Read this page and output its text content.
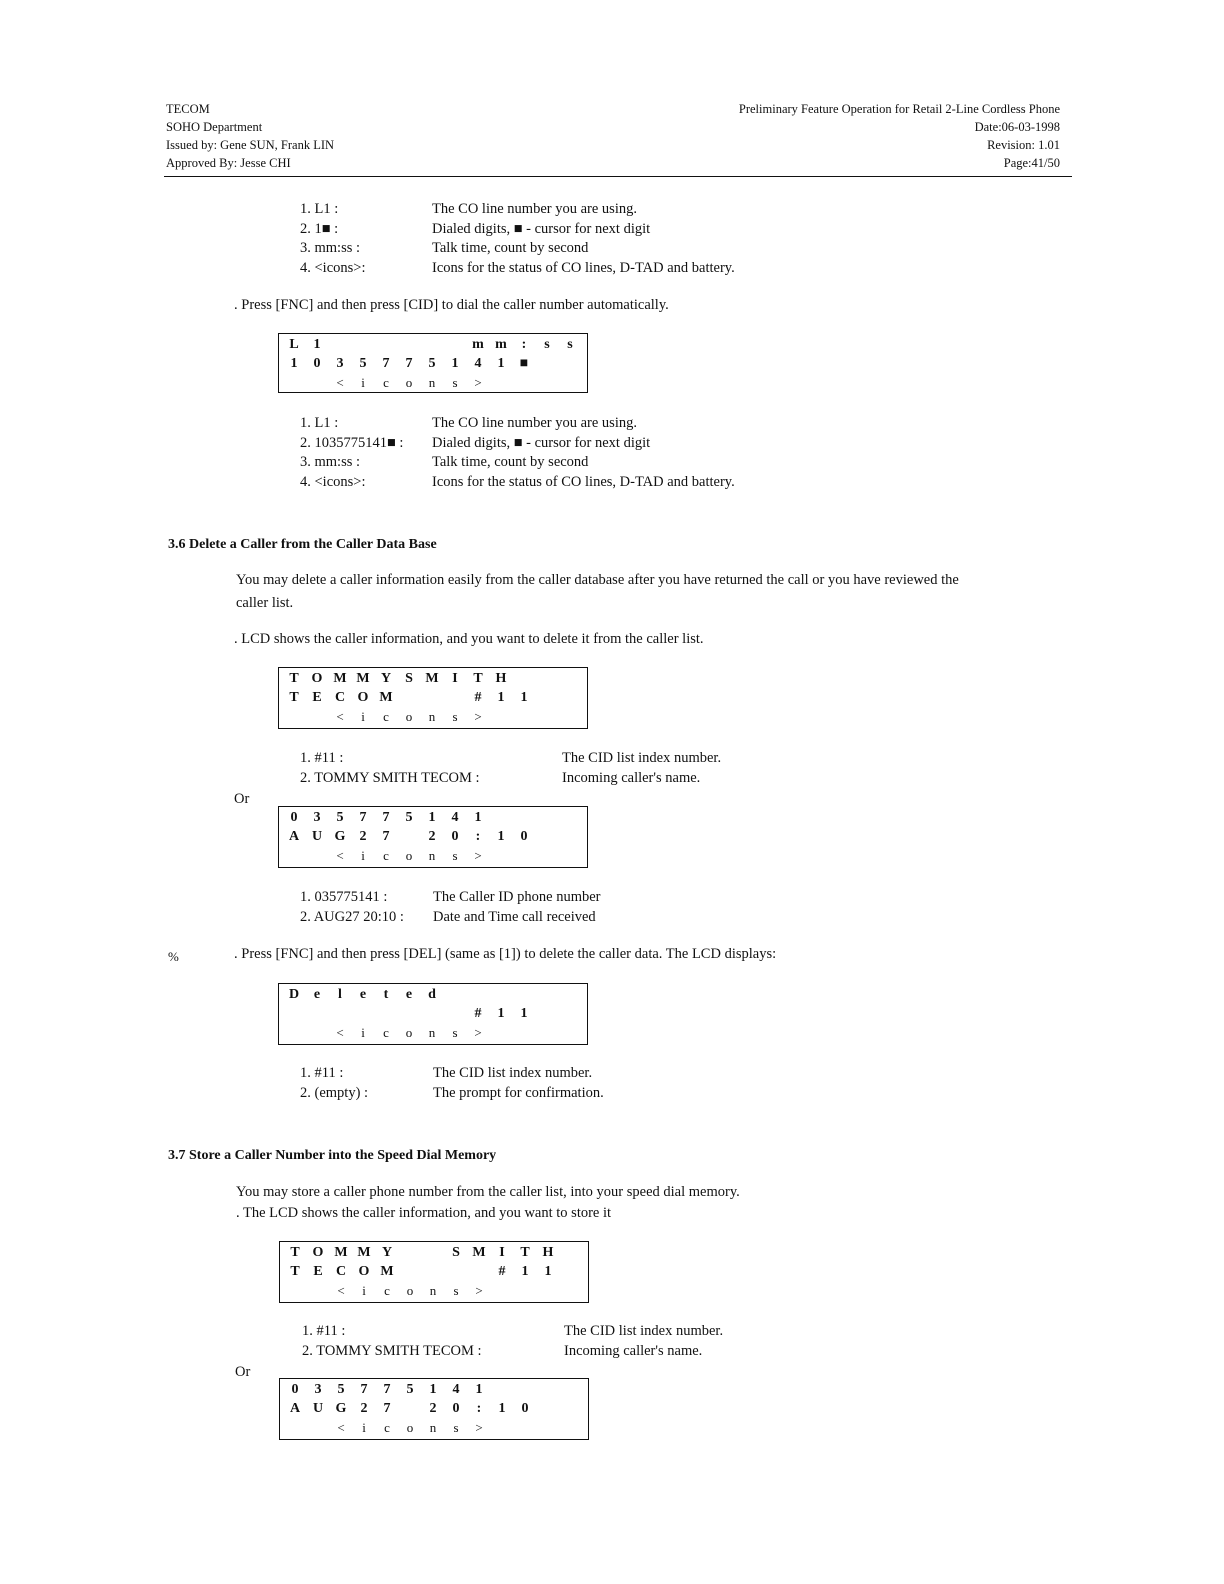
TECOM
SOHO Department
Issued by: Gene SUN, Frank LIN
Approved By: Jesse CHI
Preliminary Feature Operation for Retail 2-Line Cordless Phone
Date:06-03-1998
Revision: 1.01
Page:41/50
1. L1 :	The CO line number you are using.
2. 1■ :	Dialed digits, ■ - cursor for next digit
3. mm:ss :	Talk time, count by second
4. <icons>:	Icons for the status of CO lines, D-TAD and battery.
. Press [FNC] and then press [CID] to dial the caller number automatically.
L	1	m m	:	s	s
1	0	3	5	7	7	5	1	4	1	■
<	i	c	o	n	s	>
1. L1 :	The CO line number you are using.
2. 1035775141■ :	Dialed digits, ■ - cursor for next digit
3. mm:ss :	Talk time, count by second
4. <icons>:	Icons for the status of CO lines, D-TAD and battery.
3.6 Delete a Caller from the Caller Data Base
You may delete a caller information easily from the caller database after you have returned the call or you have reviewed the
caller list.
. LCD shows the caller information, and you want to delete it from the caller list.
T O M M Y	S M I	T H
T E C O M	#	1	1
<	i	c	o	n	s	>
1. #11 :	The CID list index number.
2. TOMMY SMITH TECOM :	Incoming caller's name.
Or
0	3	5	7	7	5	1	4	1
A U G	2	7	2	0	:	1	0
<	i	c	o	n	s	>
1. 035775141 :	The Caller ID phone number
2. AUG27 20:10 :	Date and Time call received
%	. Press [FNC] and then press [DEL] (same as [1]) to delete the caller data. The LCD displays:
D	e	l	e	t	e	d
#	1	1
<	i	c	o	n	s	>
1. #11 :	The CID list index number.
2. (empty) :	The prompt for confirmation.
3.7 Store a Caller Number into the Speed Dial Memory
You may store a caller phone number from the caller list, into your speed dial memory.
. The LCD shows the caller information, and you want to store it
T O M M Y	S M I	T H
T E C O M	#	1	1
<	i	c	o	n	s	>
1. #11 :	The CID list index number.
2. TOMMY SMITH TECOM :	Incoming caller's name.
Or
0	3	5	7	7	5	1	4	1
A U G	2	7	2	0	:	1	0
<	i	c	o	n	s	>
